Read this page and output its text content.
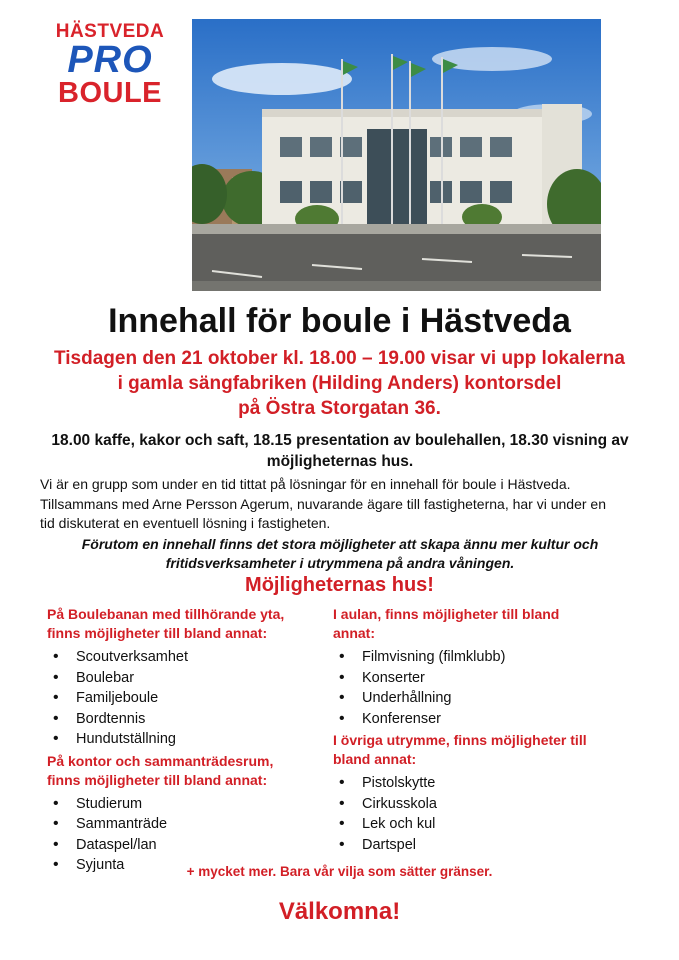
HÄSTVEDA
PRO
BOULE
Innehall för boule i Hästveda
Tisdagen den 21 oktober kl. 18.00 – 19.00 visar vi upp lokalerna
i gamla sängfabriken (Hilding Anders) kontorsdel
på Östra Storgatan 36.
18.00 kaffe, kakor och saft, 18.15 presentation av boulehallen, 18.30 visning av möjligheternas hus.

Vi är en grupp som under en tid tittat på lösningar för en innehall för boule i Hästveda.

Tillsammans med Arne Persson Agerum, nuvarande ägare till fastigheterna, har vi under en

tid diskuterat en eventuell lösning i fastigheten.

Förutom en innehall finns det stora möjligheter att skapa ännu mer kultur och
fritidsverksamheter i utrymmena på andra våningen.
Möjligheternas hus!

På Boulebanan med tillhörande yta,
finns möjligheter till bland annat:

• Scoutverksamhet
• Boulebar
• Familjeboule
• Bordtennis
• Hundutställning

På kontor och sammanträdesrum,
finns möjligheter till bland annat:

• Studierum
• Sammanträde
• Dataspel/lan
• Syjunta

I aulan, finns möjligheter till bland
annat:

• Filmvisning (filmklubb)
• Konserter
• Underhållning
• Konferenser

I övriga utrymme, finns möjligheter till
bland annat:

• Pistolskytte
• Cirkusskola
• Lek och kul
• Dartspel
+ mycket mer. Bara vår vilja som sätter gränser.
Välkomna!
